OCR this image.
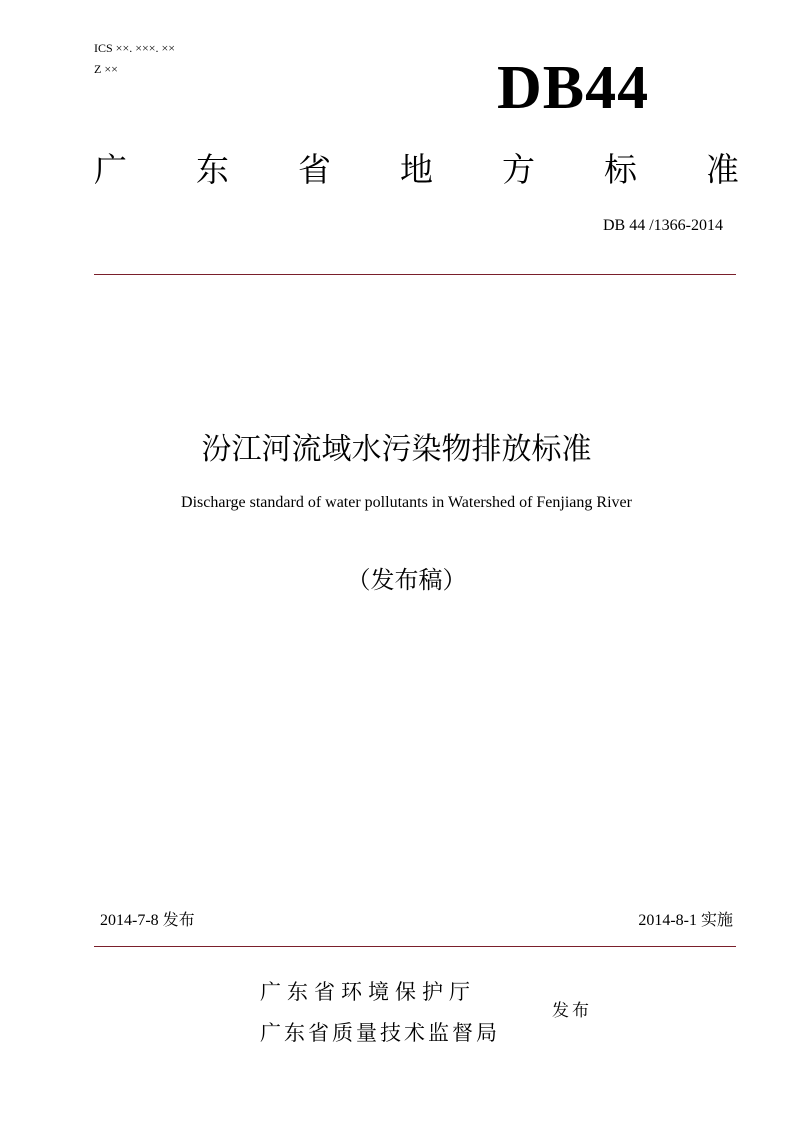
ICS ××. ×××. ××
Z ××	DB44
广 东 省 地 方 标 准
DB 44 /1366-2014
汾江河流域水污染物排放标准
Discharge standard of water pollutants in Watershed of Fenjiang River
（发布稿）
2014-7-8 发布	2014-8-1 实施
广东省环境保护厅
广东省质量技术监督局
发布
